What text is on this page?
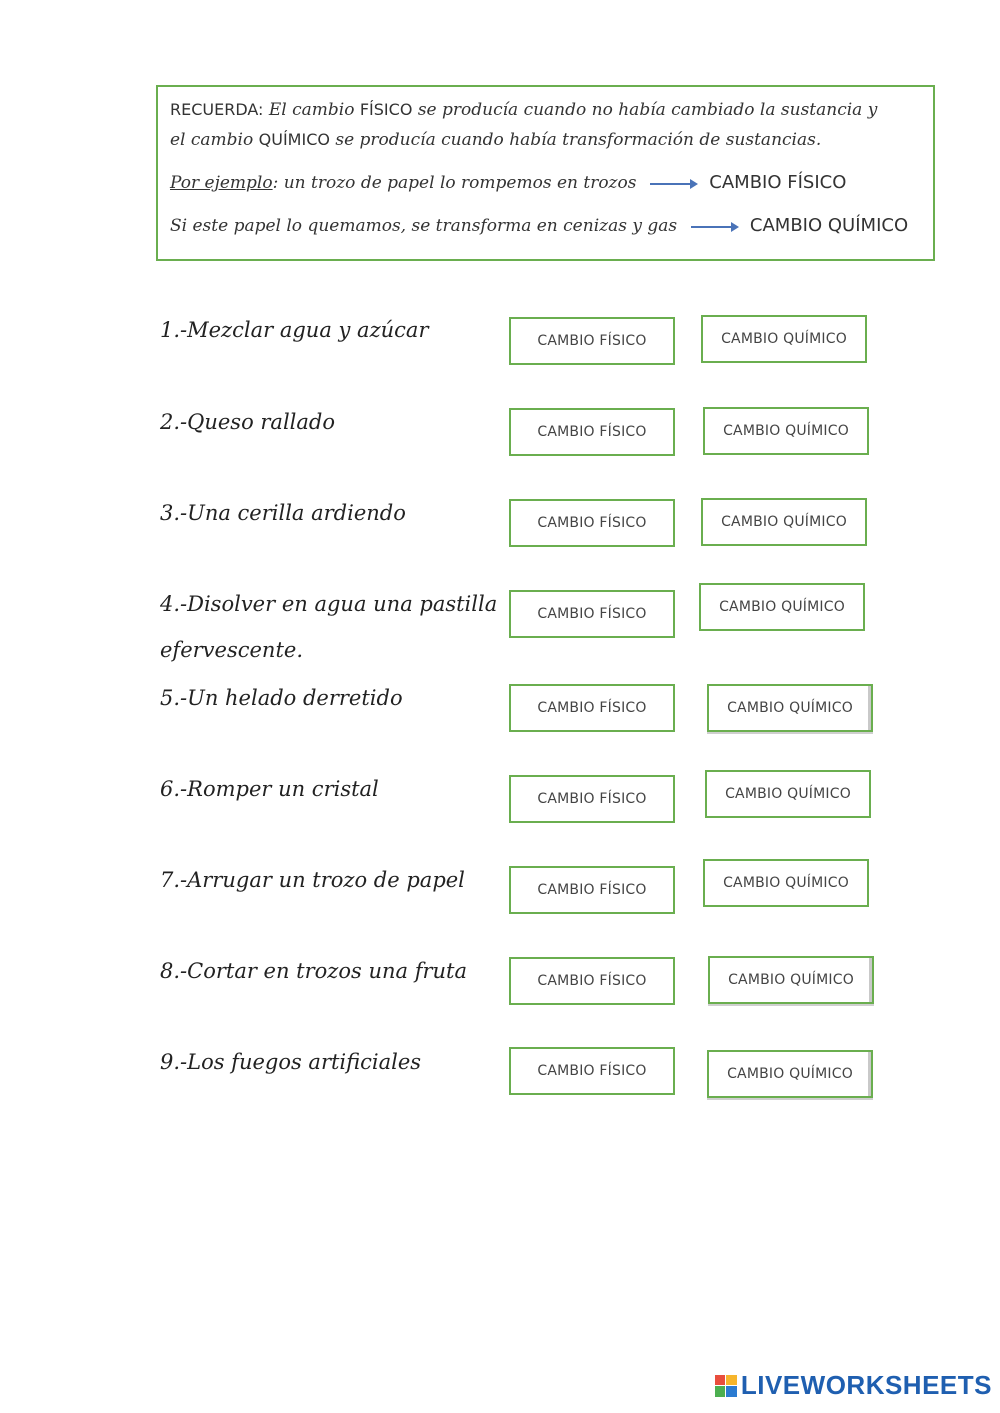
RECUERDA: El cambio FÍSICO se producía cuando no había cambiado la sustancia y
el cambio QUÍMICO se producía cuando había transformación de sustancias.
Por ejemplo: un trozo de papel lo rompemos en trozos	CAMBIO FÍSICO
Si este papel lo quemamos, se transforma en cenizas y gas	CAMBIO QUÍMICO
1.-Mezclar agua y azúcar	CAMBIO FÍSICO	CAMBIO QUÍMICO
2.-Queso rallado	CAMBIO FÍSICO	CAMBIO QUÍMICO
3.-Una cerilla ardiendo	CAMBIO FÍSICO	CAMBIO QUÍMICO
4.-Disolver en agua una pastilla
efervescente.
CAMBIO FÍSICO	CAMBIO QUÍMICO
5.-Un helado derretido	CAMBIO FÍSICO	CAMBIO QUÍMICO
6.-Romper un cristal	CAMBIO FÍSICO	CAMBIO QUÍMICO
7.-Arrugar un trozo de papel	CAMBIO FÍSICO	CAMBIO QUÍMICO
8.-Cortar en trozos una fruta	CAMBIO FÍSICO	CAMBIO QUÍMICO
9.-Los fuegos artificiales	CAMBIO FÍSICO	CAMBIO QUÍMICO
LIVEWORKSHEETS
